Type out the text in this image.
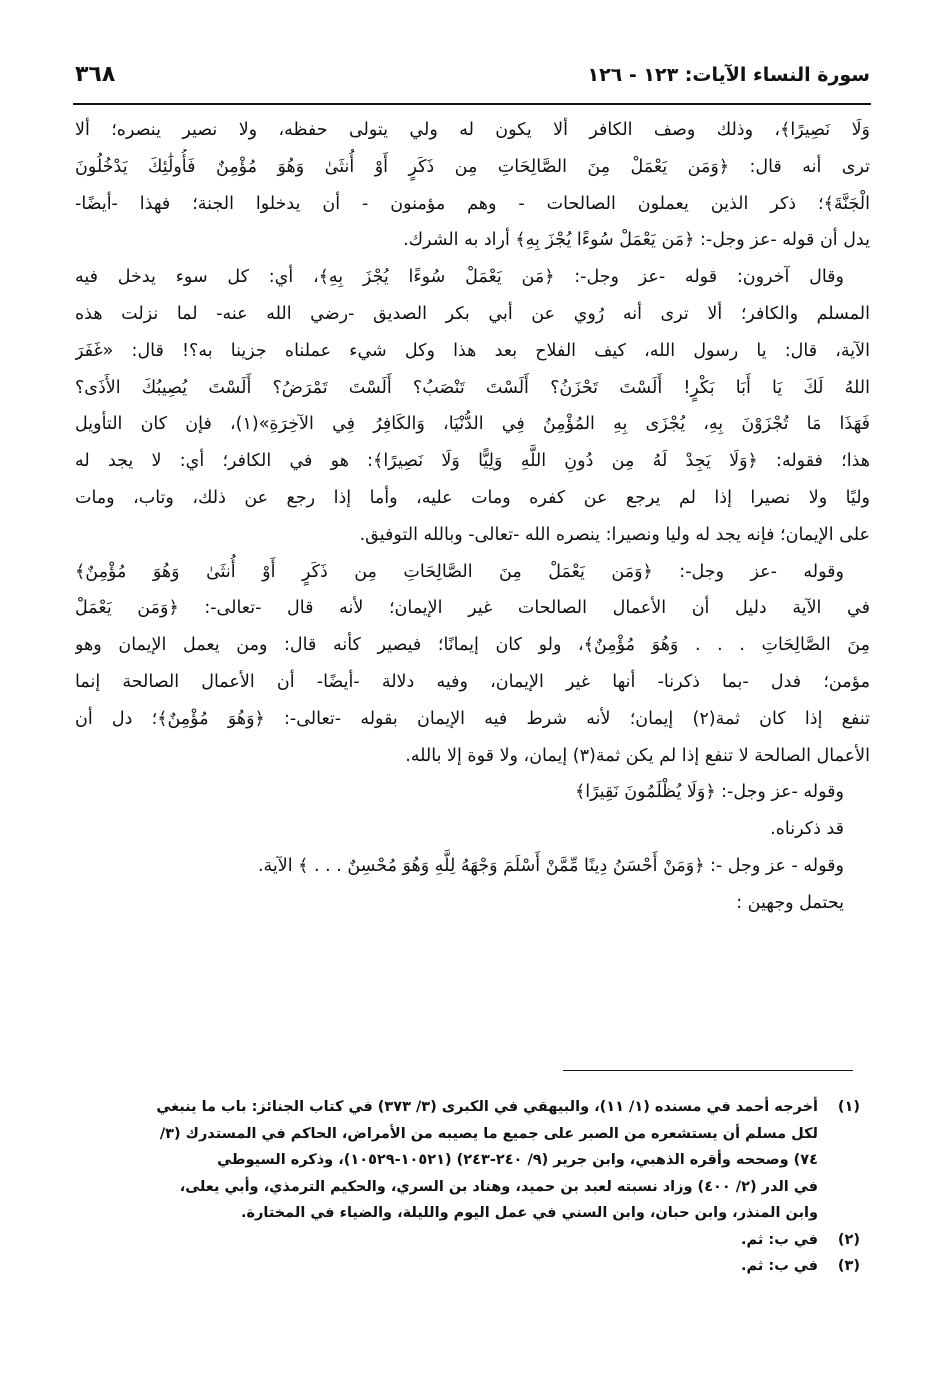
سورة النساء الآيات: ١٢٣ - ١٢٦
٣٦٨
وَلَا نَصِيرًا﴾، وذلك وصف الكافر ألا يكون له ولي يتولى حفظه، ولا نصير ينصره؛ ألا
ترى أنه قال: ﴿وَمَن يَعْمَلْ مِنَ الصَّالِحَاتِ مِن ذَكَرٍ أَوْ أُنثَىٰ وَهُوَ مُؤْمِنٌ فَأُولَٰئِكَ يَدْخُلُونَ
الْجَنَّةَ﴾؛ ذكر الذين يعملون الصالحات - وهم مؤمنون - أن يدخلوا الجنة؛ فهذا -أيضًا-
يدل أن قوله -عز وجل-: ﴿مَن يَعْمَلْ سُوءًا يُجْزَ بِهِ﴾ أراد به الشرك.
وقال آخرون: قوله -عز وجل-: ﴿مَن يَعْمَلْ سُوءًا يُجْزَ بِهِ﴾، أي: كل سوء يدخل فيه
المسلم والكافر؛ ألا ترى أنه رُوي عن أبي بكر الصديق -رضي الله عنه- لما نزلت هذه
الآية، قال: يا رسول الله، كيف الفلاح بعد هذا وكل شيء عملناه جزينا به؟! قال: «غَفَرَ
اللهُ لَكَ يَا أَبَا بَكْرٍ! أَلَسْتَ تَحْزَنُ؟ أَلَسْتَ تَنْصَبُ؟ أَلَسْتَ تَمْرَضُ؟ أَلَسْتَ يُصِيبُكَ الأَذَى؟
فَهَذَا مَا تُجْزَوْنَ بِهِ، يُجْزَى بِهِ المُؤْمِنُ فِي الدُّنْيَا، وَالكَافِرُ فِي الآخِرَةِ»(١)، فإن كان التأويل
هذا؛ فقوله: ﴿وَلَا يَجِدْ لَهُ مِن دُونِ اللَّهِ وَلِيًّا وَلَا نَصِيرًا﴾: هو في الكافر؛ أي: لا يجد له
وليًا ولا نصيرا إذا لم يرجع عن كفره ومات عليه، وأما إذا رجع عن ذلك، وتاب، ومات
على الإيمان؛ فإنه يجد له وليا ونصيرا: ينصره الله -تعالى- وبالله التوفيق.
وقوله -عز وجل-: ﴿وَمَن يَعْمَلْ مِنَ الصَّالِحَاتِ مِن ذَكَرٍ أَوْ أُنثَىٰ وَهُوَ مُؤْمِنٌ﴾
في الآية دليل أن الأعمال الصالحات غير الإيمان؛ لأنه قال -تعالى-: ﴿وَمَن يَعْمَلْ
مِنَ الصَّالِحَاتِ . . . وَهُوَ مُؤْمِنٌ﴾، ولو كان إيمانًا؛ فيصير كأنه قال: ومن يعمل الإيمان وهو
مؤمن؛ فدل -بما ذكرنا- أنها غير الإيمان، وفيه دلالة -أيضًا- أن الأعمال الصالحة إنما
تنفع إذا كان ثمة(٢) إيمان؛ لأنه شرط فيه الإيمان بقوله -تعالى-: ﴿وَهُوَ مُؤْمِنٌ﴾؛ دل أن
الأعمال الصالحة لا تنفع إذا لم يكن ثمة(٣) إيمان، ولا قوة إلا بالله.
وقوله -عز وجل-: ﴿وَلَا يُظْلَمُونَ نَقِيرًا﴾
قد ذكرناه.
وقوله - عز وجل -: ﴿وَمَنْ أَحْسَنُ دِينًا مِّمَّنْ أَسْلَمَ وَجْهَهُ لِلَّهِ وَهُوَ مُحْسِنٌ . . . ﴾ الآية.
يحتمل وجهين :
(١)
أخرجه أحمد في مسنده (١/ ١١)، والبيهقي في الكبرى (٣/ ٣٧٣) في كتاب الجنائز: باب ما ينبغي
لكل مسلم أن يستشعره من الصبر على جميع ما يصيبه من الأمراض، الحاكم في المستدرك (٣/
٧٤) وصححه وأقره الذهبي، وابن جرير (٩/ ٢٤٠-٢٤٣) (١٠٥٢١-١٠٥٢٩)، وذكره السيوطي
في الدر (٢/ ٤٠٠) وزاد نسبته لعبد بن حميد، وهناد بن السري، والحكيم الترمذي، وأبي يعلى،
وابن المنذر، وابن حبان، وابن السني في عمل اليوم والليلة، والضياء في المختارة.
(٢)
في ب: ثم.
(٣)
في ب: ثم.
